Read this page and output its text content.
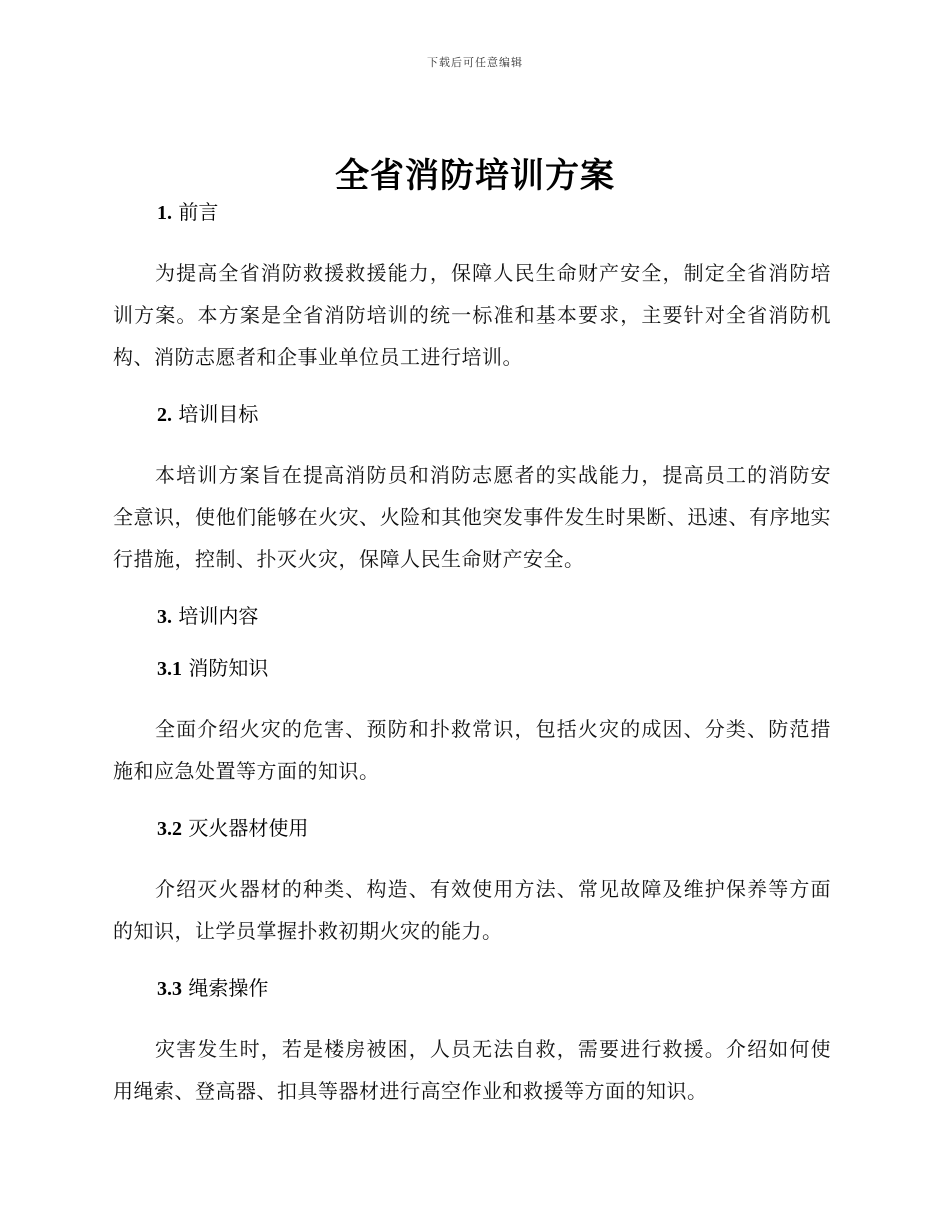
下载后可任意编辑
全省消防培训方案
1. 前言

为提高全省消防救援救援能力，保障人民生命财产安全，制定全省消防培训方案。本方案是全省消防培训的统一标准和基本要求，主要针对全省消防机构、消防志愿者和企事业单位员工进行培训。

2. 培训目标

本培训方案旨在提高消防员和消防志愿者的实战能力，提高员工的消防安全意识，使他们能够在火灾、火险和其他突发事件发生时果断、迅速、有序地实行措施，控制、扑灭火灾，保障人民生命财产安全。

3. 培训内容
3.1 消防知识

全面介绍火灾的危害、预防和扑救常识，包括火灾的成因、分类、防范措施和应急处置等方面的知识。

3.2 灭火器材使用

介绍灭火器材的种类、构造、有效使用方法、常见故障及维护保养等方面的知识，让学员掌握扑救初期火灾的能力。

3.3 绳索操作

灾害发生时，若是楼房被困，人员无法自救，需要进行救援。介绍如何使用绳索、登高器、扣具等器材进行高空作业和救援等方面的知识。
